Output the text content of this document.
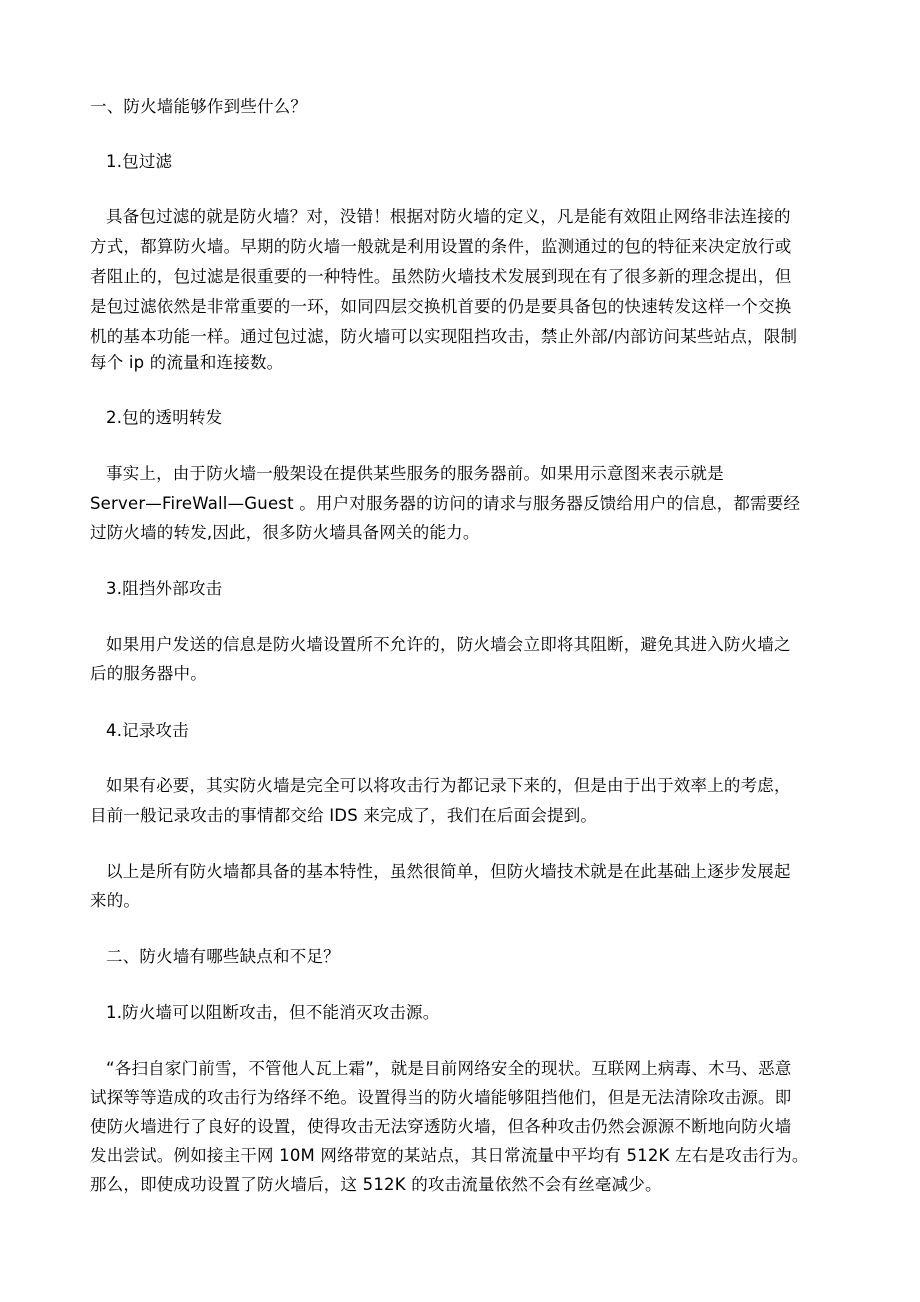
一、防火墙能够作到些什么？
1.包过滤
具备包过滤的就是防火墙？对，没错！根据对防火墙的定义，凡是能有效阻止网络非法连接的
方式，都算防火墙。早期的防火墙一般就是利用设置的条件，监测通过的包的特征来决定放行或
者阻止的，包过滤是很重要的一种特性。虽然防火墙技术发展到现在有了很多新的理念提出，但
是包过滤依然是非常重要的一环，如同四层交换机首要的仍是要具备包的快速转发这样一个交换
机的基本功能一样。通过包过滤，防火墙可以实现阻挡攻击，禁止外部/内部访问某些站点，限制
每个 ip 的流量和连接数。
2.包的透明转发
事实上，由于防火墙一般架设在提供某些服务的服务器前。如果用示意图来表示就是
Server—FireWall—Guest 。用户对服务器的访问的请求与服务器反馈给用户的信息，都需要经
过防火墙的转发,因此，很多防火墙具备网关的能力。
3.阻挡外部攻击
如果用户发送的信息是防火墙设置所不允许的，防火墙会立即将其阻断，避免其进入防火墙之
后的服务器中。
4.记录攻击
如果有必要，其实防火墙是完全可以将攻击行为都记录下来的，但是由于出于效率上的考虑，
目前一般记录攻击的事情都交给 IDS 来完成了，我们在后面会提到。
以上是所有防火墙都具备的基本特性，虽然很简单，但防火墙技术就是在此基础上逐步发展起
来的。
二、防火墙有哪些缺点和不足？
1.防火墙可以阻断攻击，但不能消灭攻击源。
“各扫自家门前雪，不管他人瓦上霜”，就是目前网络安全的现状。互联网上病毒、木马、恶意
试探等等造成的攻击行为络绎不绝。设置得当的防火墙能够阻挡他们，但是无法清除攻击源。即
使防火墙进行了良好的设置，使得攻击无法穿透防火墙，但各种攻击仍然会源源不断地向防火墙
发出尝试。例如接主干网 10M 网络带宽的某站点，其日常流量中平均有 512K 左右是攻击行为。
那么，即使成功设置了防火墙后，这 512K 的攻击流量依然不会有丝毫减少。
